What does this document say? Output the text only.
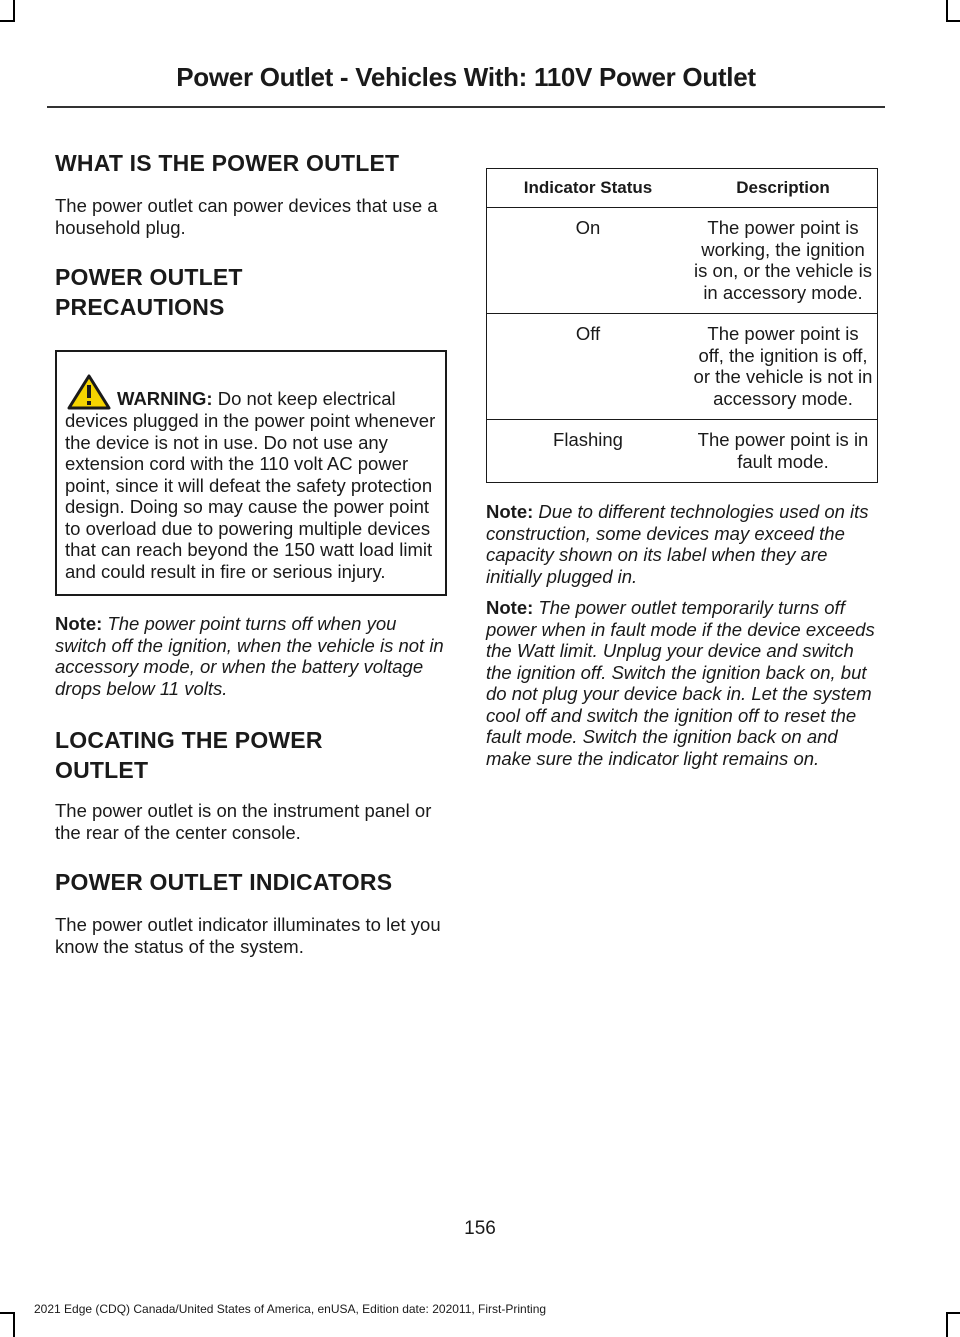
Power Outlet - Vehicles With: 110V Power Outlet
WHAT IS THE POWER OUTLET

The power outlet can power devices that use a household plug.

POWER OUTLET
PRECAUTIONS

WARNING: Do not keep electrical devices plugged in the power point whenever the device is not in use. Do not use any extension cord with the 110 volt AC power point, since it will defeat the safety protection design. Doing so may cause the power point to overload due to powering multiple devices that can reach beyond the 150 watt load limit and could result in fire or serious injury.

Note: The power point turns off when you switch off the ignition, when the vehicle is not in accessory mode, or when the battery voltage drops below 11 volts.

LOCATING THE POWER
OUTLET

The power outlet is on the instrument panel or the rear of the center console.

POWER OUTLET INDICATORS

The power outlet indicator illuminates to let you know the status of the system.

Indicator Status	Description
On	The power point is working, the ignition is on, or the vehicle is in accessory mode.
Off	The power point is off, the ignition is off, or the vehicle is not in accessory mode.
Flashing	The power point is in fault mode.

Note: Due to different technologies used on its construction, some devices may exceed the capacity shown on its label when they are initially plugged in.

Note: The power outlet temporarily turns off power when in fault mode if the device exceeds the Watt limit. Unplug your device and switch the ignition off. Switch the ignition back on, but do not plug your device back in. Let the system cool off and switch the ignition off to reset the fault mode. Switch the ignition back on and make sure the indicator light remains on.

156
2021 Edge (CDQ) Canada/United States of America, enUSA, Edition date: 202011, First-Printing
